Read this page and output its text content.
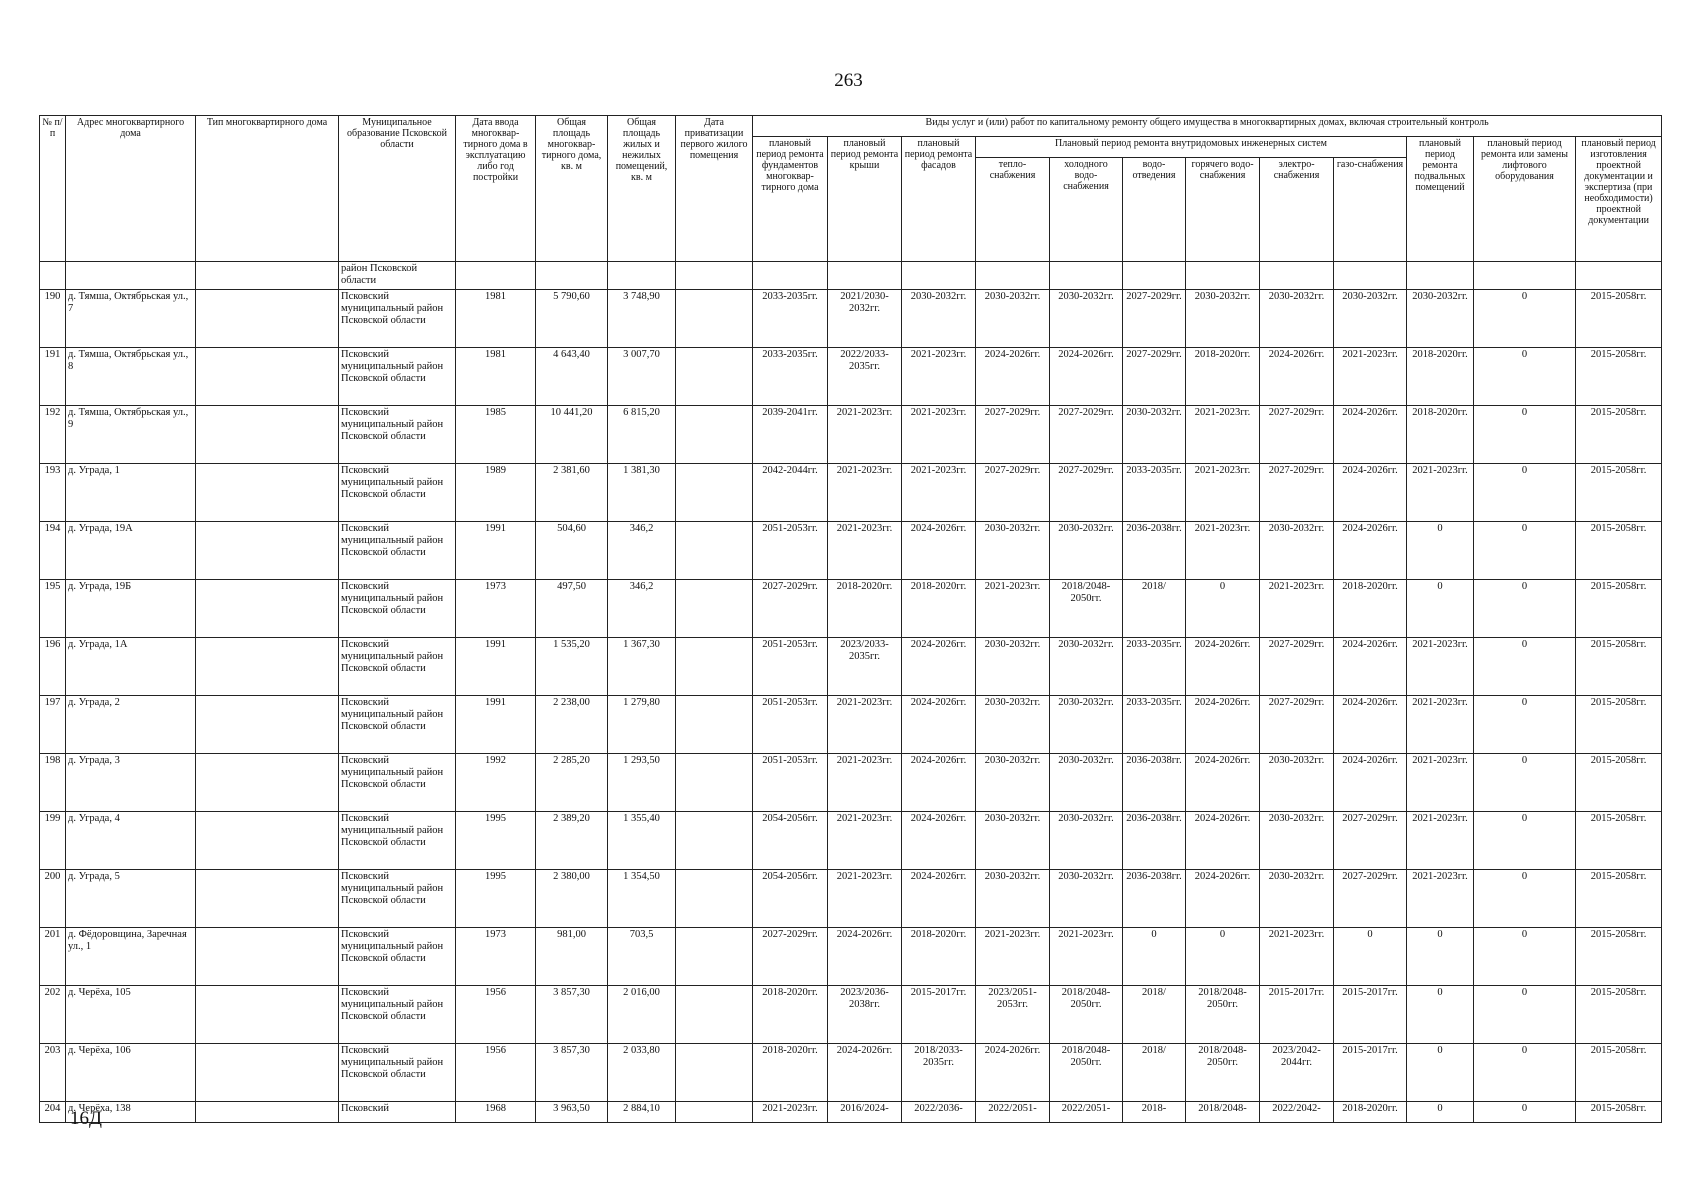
263
№ п/п	Адрес многоквартирного дома	Тип многоквартирного дома	Муниципальное образование Псковской области	Дата ввода многоквар-тирного дома в эксплуатацию либо год постройки	Общая площадь многоквар-тирного дома, кв. м	Общая площадь жилых и нежилых помещений, кв. м	Дата приватизации первого жилого помещения	Виды услуг и (или) работ по капитальному ремонту общего имущества в многоквартирных домах, включая строительный контроль											
								плановый период ремонта фундаментов многоквар-тирного дома	плановый период ремонта крыши	плановый период ремонта фасадов	Плановый период ремонта внутридомовых инженерных систем						плановый период ремонта подвальных помещений	плановый период ремонта или замены лифтового оборудования	плановый период изготовления проектной документации и экспертиза (при необходимости) проектной документации
											тепло-снабжения	холодного водо-снабжения	водо-отведения	горячего водо-снабжения	электро-снабжения	газо-снабжения			
			район Псковской области																
190	д. Тямша, Октябрьская ул., 7		Псковский муниципальный район Псковской области	1981	5 790,60	3 748,90		2033-2035гг.	2021/2030-2032гг.	2030-2032гг.	2030-2032гг.	2030-2032гг.	2027-2029гг.	2030-2032гг.	2030-2032гг.	2030-2032гг.	2030-2032гг.	0	2015-2058гг.
191	д. Тямша, Октябрьская ул., 8		Псковский муниципальный район Псковской области	1981	4 643,40	3 007,70		2033-2035гг.	2022/2033-2035гг.	2021-2023гг.	2024-2026гг.	2024-2026гг.	2027-2029гг.	2018-2020гг.	2024-2026гг.	2021-2023гг.	2018-2020гг.	0	2015-2058гг.
192	д. Тямша, Октябрьская ул., 9		Псковский муниципальный район Псковской области	1985	10 441,20	6 815,20		2039-2041гг.	2021-2023гг.	2021-2023гг.	2027-2029гг.	2027-2029гг.	2030-2032гг.	2021-2023гг.	2027-2029гг.	2024-2026гг.	2018-2020гг.	0	2015-2058гг.
193	д. Уграда, 1		Псковский муниципальный район Псковской области	1989	2 381,60	1 381,30		2042-2044гг.	2021-2023гг.	2021-2023гг.	2027-2029гг.	2027-2029гг.	2033-2035гг.	2021-2023гг.	2027-2029гг.	2024-2026гг.	2021-2023гг.	0	2015-2058гг.
194	д. Уграда, 19А		Псковский муниципальный район Псковской области	1991	504,60	346,2		2051-2053гг.	2021-2023гг.	2024-2026гг.	2030-2032гг.	2030-2032гг.	2036-2038гг.	2021-2023гг.	2030-2032гг.	2024-2026гг.	0	0	2015-2058гг.
195	д. Уграда, 19Б		Псковский муниципальный район Псковской области	1973	497,50	346,2		2027-2029гг.	2018-2020гг.	2018-2020гг.	2021-2023гг.	2018/2048-2050гг.	2018/	0	2021-2023гг.	2018-2020гг.	0	0	2015-2058гг.
196	д. Уграда, 1А		Псковский муниципальный район Псковской области	1991	1 535,20	1 367,30		2051-2053гг.	2023/2033-2035гг.	2024-2026гг.	2030-2032гг.	2030-2032гг.	2033-2035гг.	2024-2026гг.	2027-2029гг.	2024-2026гг.	2021-2023гг.	0	2015-2058гг.
197	д. Уграда, 2		Псковский муниципальный район Псковской области	1991	2 238,00	1 279,80		2051-2053гг.	2021-2023гг.	2024-2026гг.	2030-2032гг.	2030-2032гг.	2033-2035гг.	2024-2026гг.	2027-2029гг.	2024-2026гг.	2021-2023гг.	0	2015-2058гг.
198	д. Уграда, 3		Псковский муниципальный район Псковской области	1992	2 285,20	1 293,50		2051-2053гг.	2021-2023гг.	2024-2026гг.	2030-2032гг.	2030-2032гг.	2036-2038гг.	2024-2026гг.	2030-2032гг.	2024-2026гг.	2021-2023гг.	0	2015-2058гг.
199	д. Уграда, 4		Псковский муниципальный район Псковской области	1995	2 389,20	1 355,40		2054-2056гг.	2021-2023гг.	2024-2026гг.	2030-2032гг.	2030-2032гг.	2036-2038гг.	2024-2026гг.	2030-2032гг.	2027-2029гг.	2021-2023гг.	0	2015-2058гг.
200	д. Уграда, 5		Псковский муниципальный район Псковской области	1995	2 380,00	1 354,50		2054-2056гг.	2021-2023гг.	2024-2026гг.	2030-2032гг.	2030-2032гг.	2036-2038гг.	2024-2026гг.	2030-2032гг.	2027-2029гг.	2021-2023гг.	0	2015-2058гг.
201	д. Фёдоровщина, Заречная ул., 1		Псковский муниципальный район Псковской области	1973	981,00	703,5		2027-2029гг.	2024-2026гг.	2018-2020гг.	2021-2023гг.	2021-2023гг.	0	0	2021-2023гг.	0	0	0	2015-2058гг.
202	д. Черёха, 105		Псковский муниципальный район Псковской области	1956	3 857,30	2 016,00		2018-2020гг.	2023/2036-2038гг.	2015-2017гг.	2023/2051-2053гг.	2018/2048-2050гг.	2018/	2018/2048-2050гг.	2015-2017гг.	2015-2017гг.	0	0	2015-2058гг.
203	д. Черёха, 106		Псковский муниципальный район Псковской области	1956	3 857,30	2 033,80		2018-2020гг.	2024-2026гг.	2018/2033-2035гг.	2024-2026гг.	2018/2048-2050гг.	2018/	2018/2048-2050гг.	2023/2042-2044гг.	2015-2017гг.	0	0	2015-2058гг.
204	д. Черёха, 138		Псковский	1968	3 963,50	2 884,10		2021-2023гг.	2016/2024-	2022/2036-	2022/2051-	2022/2051-	2018-	2018/2048-	2022/2042-	2018-2020гг.	0	0	2015-2058гг.
16Д
